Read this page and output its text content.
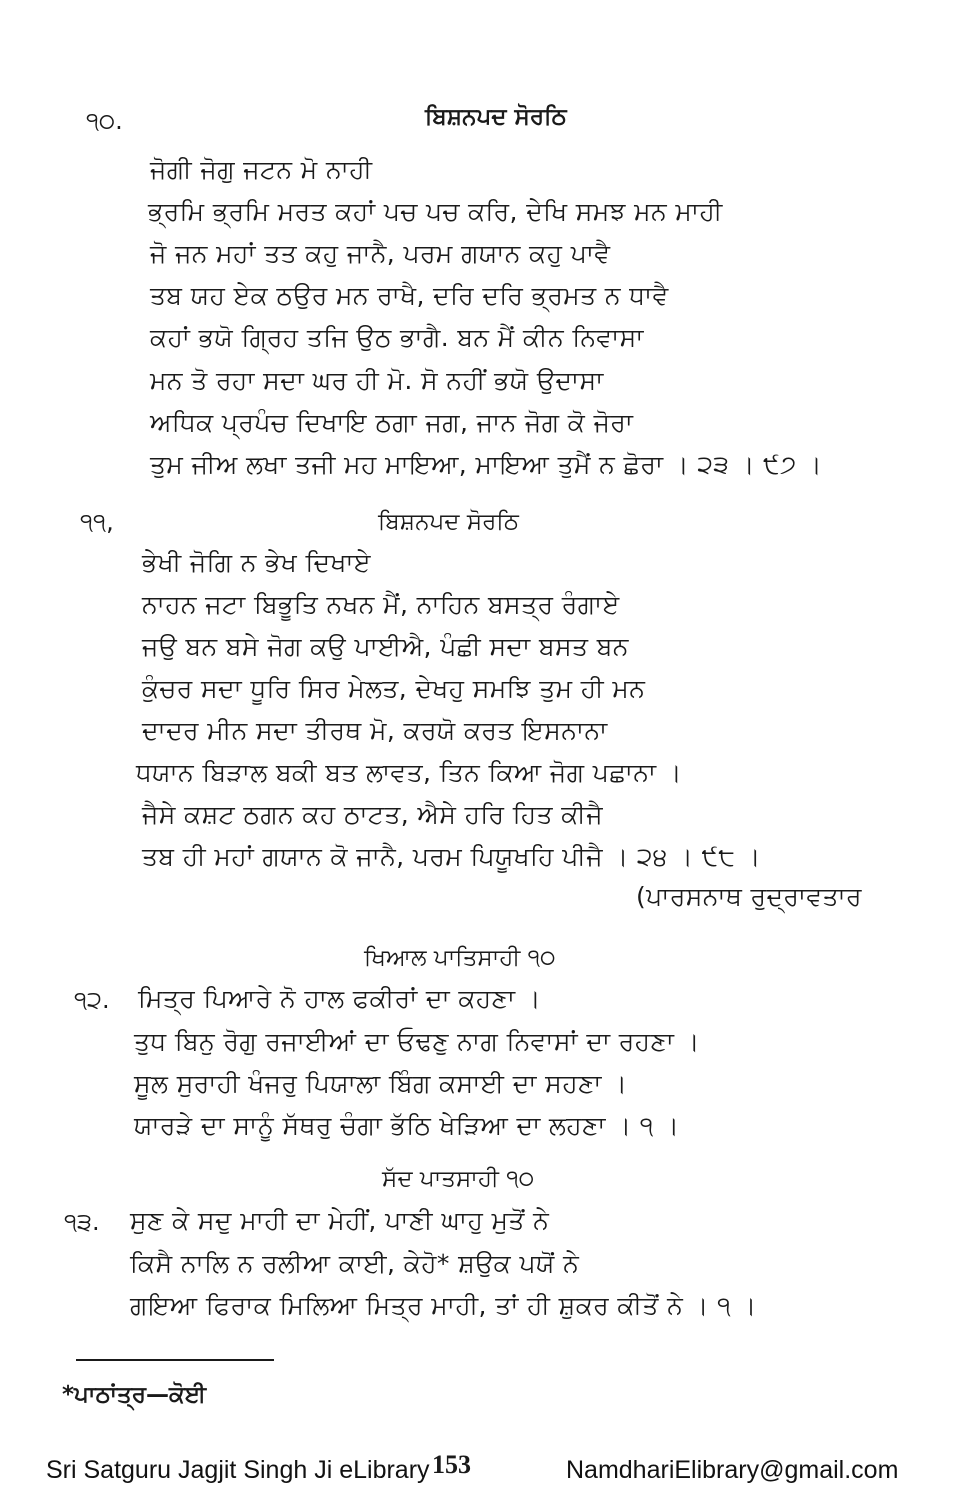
੧੦.	ਬਿਸ਼ਨਪਦ ਸੋਰਠਿ
ਜੋਗੀ ਜੋਗੁ ਜਟਨ ਮੋ ਨਾਹੀ
ਭ੍ਰਮਿ ਭ੍ਰਮਿ ਮਰਤ ਕਹਾਂ ਪਚ ਪਚ ਕਰਿ, ਦੇਖਿ ਸਮਝ ਮਨ ਮਾਹੀ
ਜੋ ਜਨ ਮਹਾਂ ਤਤ ਕਹੁ ਜਾਨੈ, ਪਰਮ ਗਯਾਨ ਕਹੁ ਪਾਵੈ
ਤਬ ਯਹ ਏਕ ਠਉਰ ਮਨ ਰਾਖੈ, ਦਰਿ ਦਰਿ ਭ੍ਰਮਤ ਨ ਧਾਵੈ
ਕਹਾਂ ਭਯੋ ਗ੍ਰਿਹ ਤਜਿ ਉਠ ਭਾਗੈ. ਬਨ ਮੈਂ ਕੀਨ ਨਿਵਾਸਾ
ਮਨ ਤੋ ਰਹਾ ਸਦਾ ਘਰ ਹੀ ਮੋ. ਸੋ ਨਹੀਂ ਭਯੋ ਉਦਾਸਾ
ਅਧਿਕ ਪ੍ਰਪੰਚ ਦਿਖਾਇ ਠਗਾ ਜਗ, ਜਾਨ ਜੋਗ ਕੋ ਜੋਰਾ
ਤੁਮ ਜੀਅ ਲਖਾ ਤਜੀ ਮਹ ਮਾਇਆ, ਮਾਇਆ ਤੁਮੈਂ ਨ ਛੋਰਾ । ੨੩ । ੯੭ ।
੧੧,	ਬਿਸ਼ਨਪਦ ਸੋਰਠਿ
ਭੇਖੀ ਜੋਗਿ ਨ ਭੇਖ ਦਿਖਾਏ
ਨਾਹਨ ਜਟਾ ਬਿਭੂਤਿ ਨਖਨ ਮੈਂ, ਨਾਹਿਨ ਬਸਤ੍ਰ ਰੰਗਾਏ
ਜਉ ਬਨ ਬਸੇ ਜੋਗ ਕਉ ਪਾਈਐ, ਪੰਛੀ ਸਦਾ ਬਸਤ ਬਨ
ਕੁੰਚਰ ਸਦਾ ਧੂਰਿ ਸਿਰ ਮੇਲਤ, ਦੇਖਹੁ ਸਮਝਿ ਤੁਮ ਹੀ ਮਨ
ਦਾਦਰ ਮੀਨ ਸਦਾ ਤੀਰਥ ਮੋ, ਕਰਯੋ ਕਰਤ ਇਸਨਾਨਾ
ਧਯਾਨ ਬਿੜਾਲ ਬਕੀ ਬਤ ਲਾਵਤ, ਤਿਨ ਕਿਆ ਜੋਗ ਪਛਾਨਾ ।
ਜੈਸੇ ਕਸ਼ਟ ਠਗਨ ਕਹ ਠਾਟਤ, ਐਸੇ ਹਰਿ ਹਿਤ ਕੀਜੈ
ਤਬ ਹੀ ਮਹਾਂ ਗਯਾਨ ਕੋ ਜਾਨੈ, ਪਰਮ ਪਿਯੂਖਹਿ ਪੀਜੈ । ੨੪ । ੯੮ ।
(ਪਾਰਸਨਾਥ ਰੁਦ੍ਰਾਵਤਾਰ
ਖਿਆਲ ਪਾਤਿਸਾਹੀ ੧੦
੧੨. ਮਿਤ੍ਰ ਪਿਆਰੇ ਨੋ ਹਾਲ ਫਕੀਰਾਂ ਦਾ ਕਹਣਾ ।
ਤੁਧ ਬਿਨੁ ਰੋਗੁ ਰਜਾਈਆਂ ਦਾ ਓਢਣੁ ਨਾਗ ਨਿਵਾਸਾਂ ਦਾ ਰਹਣਾ ।
ਸੂਲ ਸੁਰਾਹੀ ਖੰਜਰੁ ਪਿਯਾਲਾ ਬਿੰਗ ਕਸਾਈ ਦਾ ਸਹਣਾ ।
ਯਾਰੜੇ ਦਾ ਸਾਨੂੰ ਸੱਥਰੁ ਚੰਗਾ ਭੱਠਿ ਖੇੜਿਆ ਦਾ ਲਹਣਾ । ੧ ।
ਸੱਦ ਪਾਤਸਾਹੀ ੧੦
੧੩. ਸੁਣ ਕੇ ਸਦੁ ਮਾਹੀ ਦਾ ਮੇਹੀਂ, ਪਾਣੀ ਘਾਹੁ ਮੁਤੋਂ ਨੇ
ਕਿਸੈ ਨਾਲਿ ਨ ਰਲੀਆ ਕਾਈ, ਕੇਹੋ* ਸ਼ਉਕ ਪਯੋਂ ਨੇ
ਗਇਆ ਫਿਰਾਕ ਮਿਲਿਆ ਮਿਤ੍ਰ ਮਾਹੀ, ਤਾਂ ਹੀ ਸ਼ੁਕਰ ਕੀਤੋਂ ਨੇ । ੧ ।
*ਪਾਠਾਂਤ੍ਰ—ਕੋਈ
Sri Satguru Jagjit Singh Ji eLibrary 153	NamdhariElibrary@gmail.com
